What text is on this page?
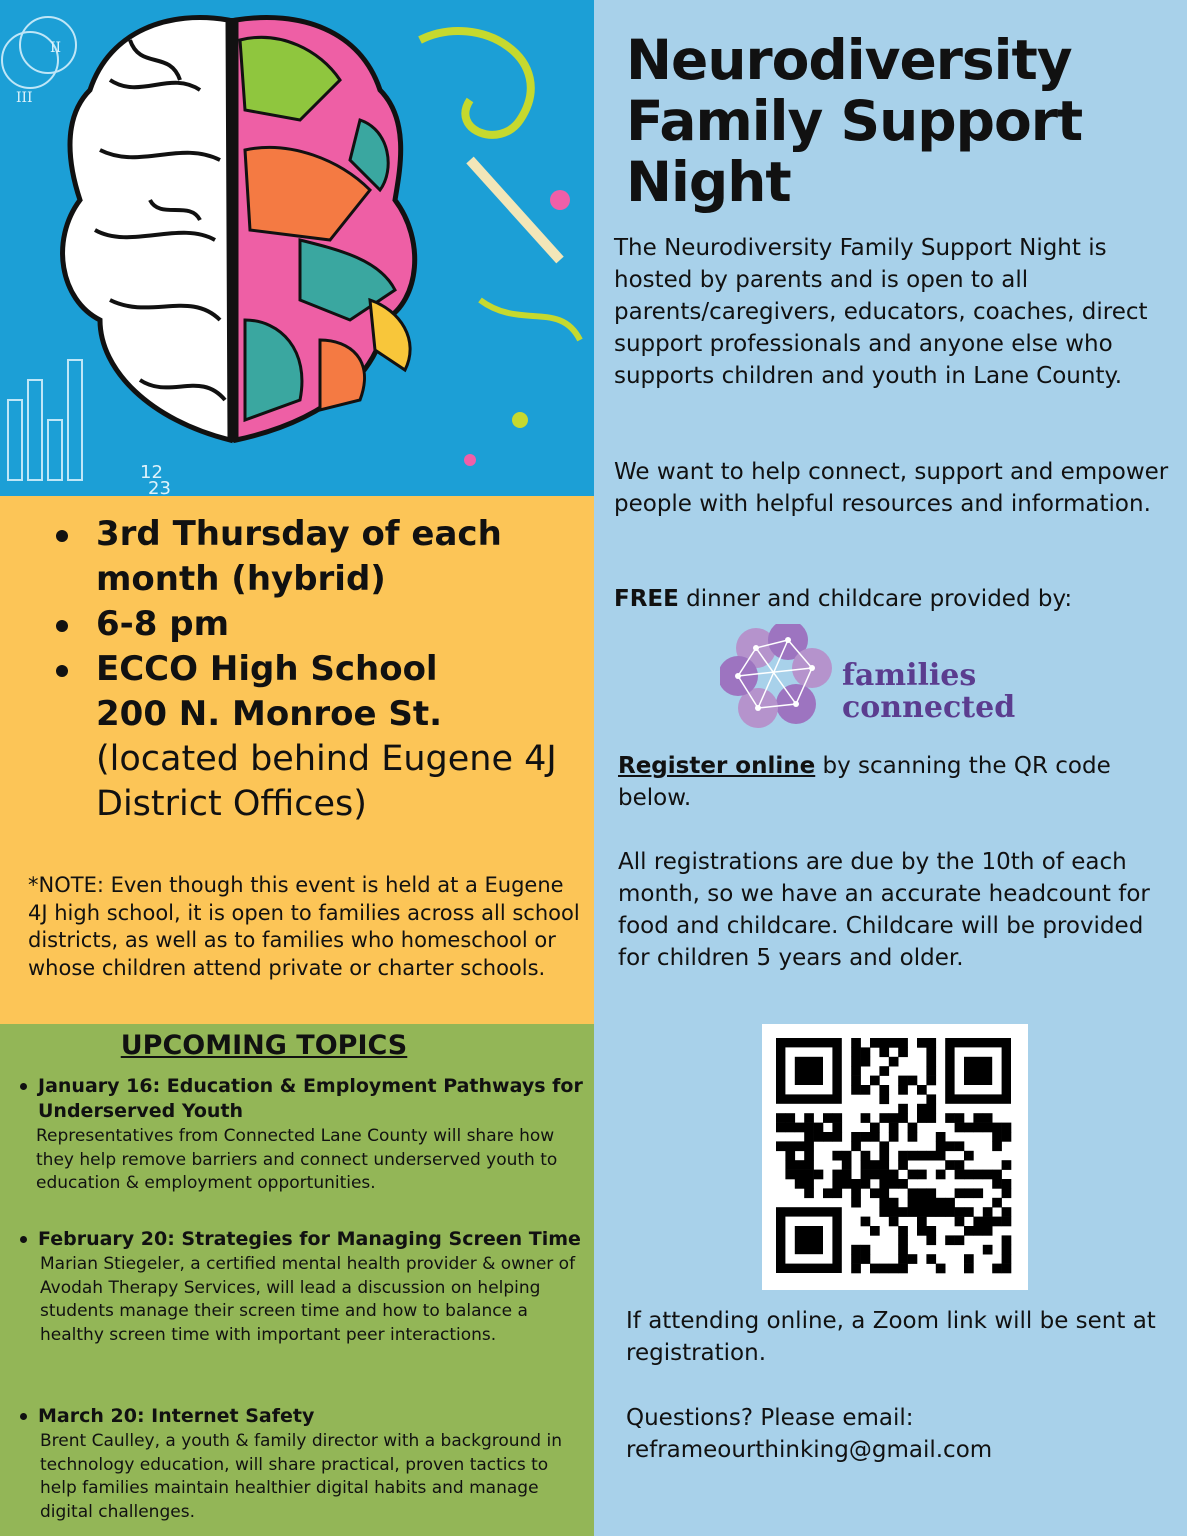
12
23
II
III
3rd Thursday of each month (hybrid)
6-8 pm
ECCO High School
200 N. Monroe St.
(located behind Eugene 4J District Offices)
*NOTE: Even though this event is held at a Eugene 4J high school, it is open to families across all school districts, as well as to families who homeschool or whose children attend private or charter schools.
UPCOMING TOPICS
January 16: Education & Employment Pathways for Underserved Youth
Representatives from Connected Lane County will share how they help remove barriers and connect underserved youth to education & employment opportunities.
February 20: Strategies for Managing Screen Time
Marian Stiegeler, a certified mental health provider & owner of Avodah Therapy Services, will lead a discussion on helping students manage their screen time and how to balance a healthy screen time with important peer interactions.
March 20: Internet Safety
Brent Caulley, a youth & family director with a background in technology education, will share practical, proven tactics to help families maintain healthier digital habits and manage digital challenges.
Neurodiversity Family Support Night
The Neurodiversity Family Support Night is hosted by parents and is open to all parents/caregivers, educators, coaches, direct support professionals and anyone else who supports children and youth in Lane County.
We want to help connect, support and empower people with helpful resources and information.
FREE dinner and childcare provided by:
families
connected
Register online by scanning the QR code below.
All registrations are due by the 10th of each month, so we have an accurate headcount for food and childcare. Childcare will be provided for children 5 years and older.
If attending online, a Zoom link will be sent at registration.
Questions? Please email:
reframeourthinking@gmail.com
